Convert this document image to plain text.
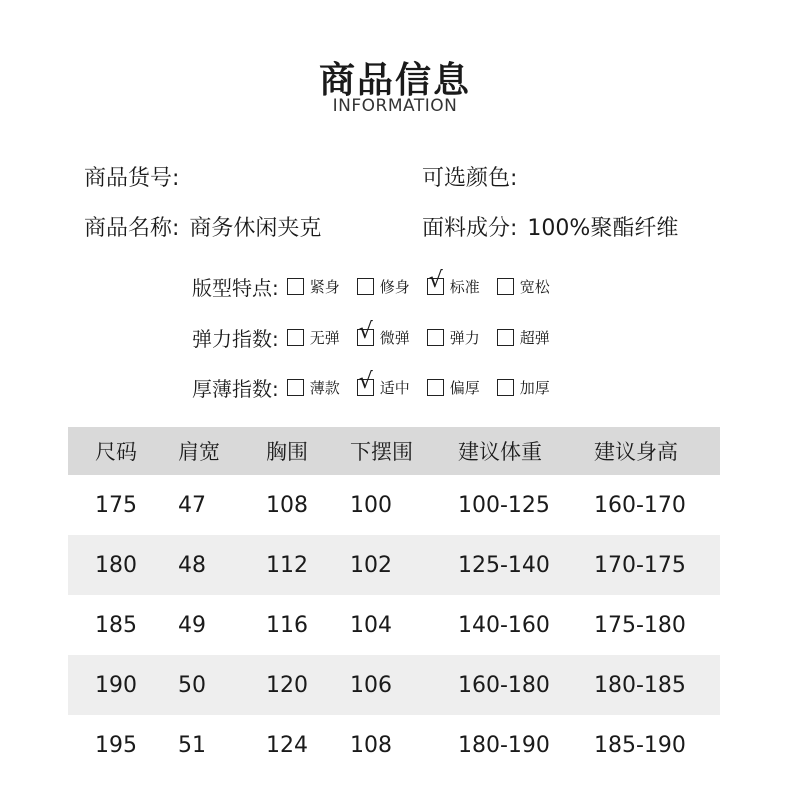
商品信息
INFORMATION
商品货号:	可选颜色:
商品名称: 商务休闲夹克	面料成分: 100%聚酯纤维
版型特点: 紧身	修身 √ 标准	宽松
弹力指数: 无弹 √ 微弹	弹力	超弹
厚薄指数: 薄款 √ 适中	偏厚	加厚
尺码 肩宽 胸围 下摆围 建议体重 建议身高
175 47	108 100	100-125 160-170
180 48	112 102	125-140 170-175
185 49	116 104	140-160 175-180
190 50	120 106	160-180 180-185
195 51	124 108	180-190 185-190
